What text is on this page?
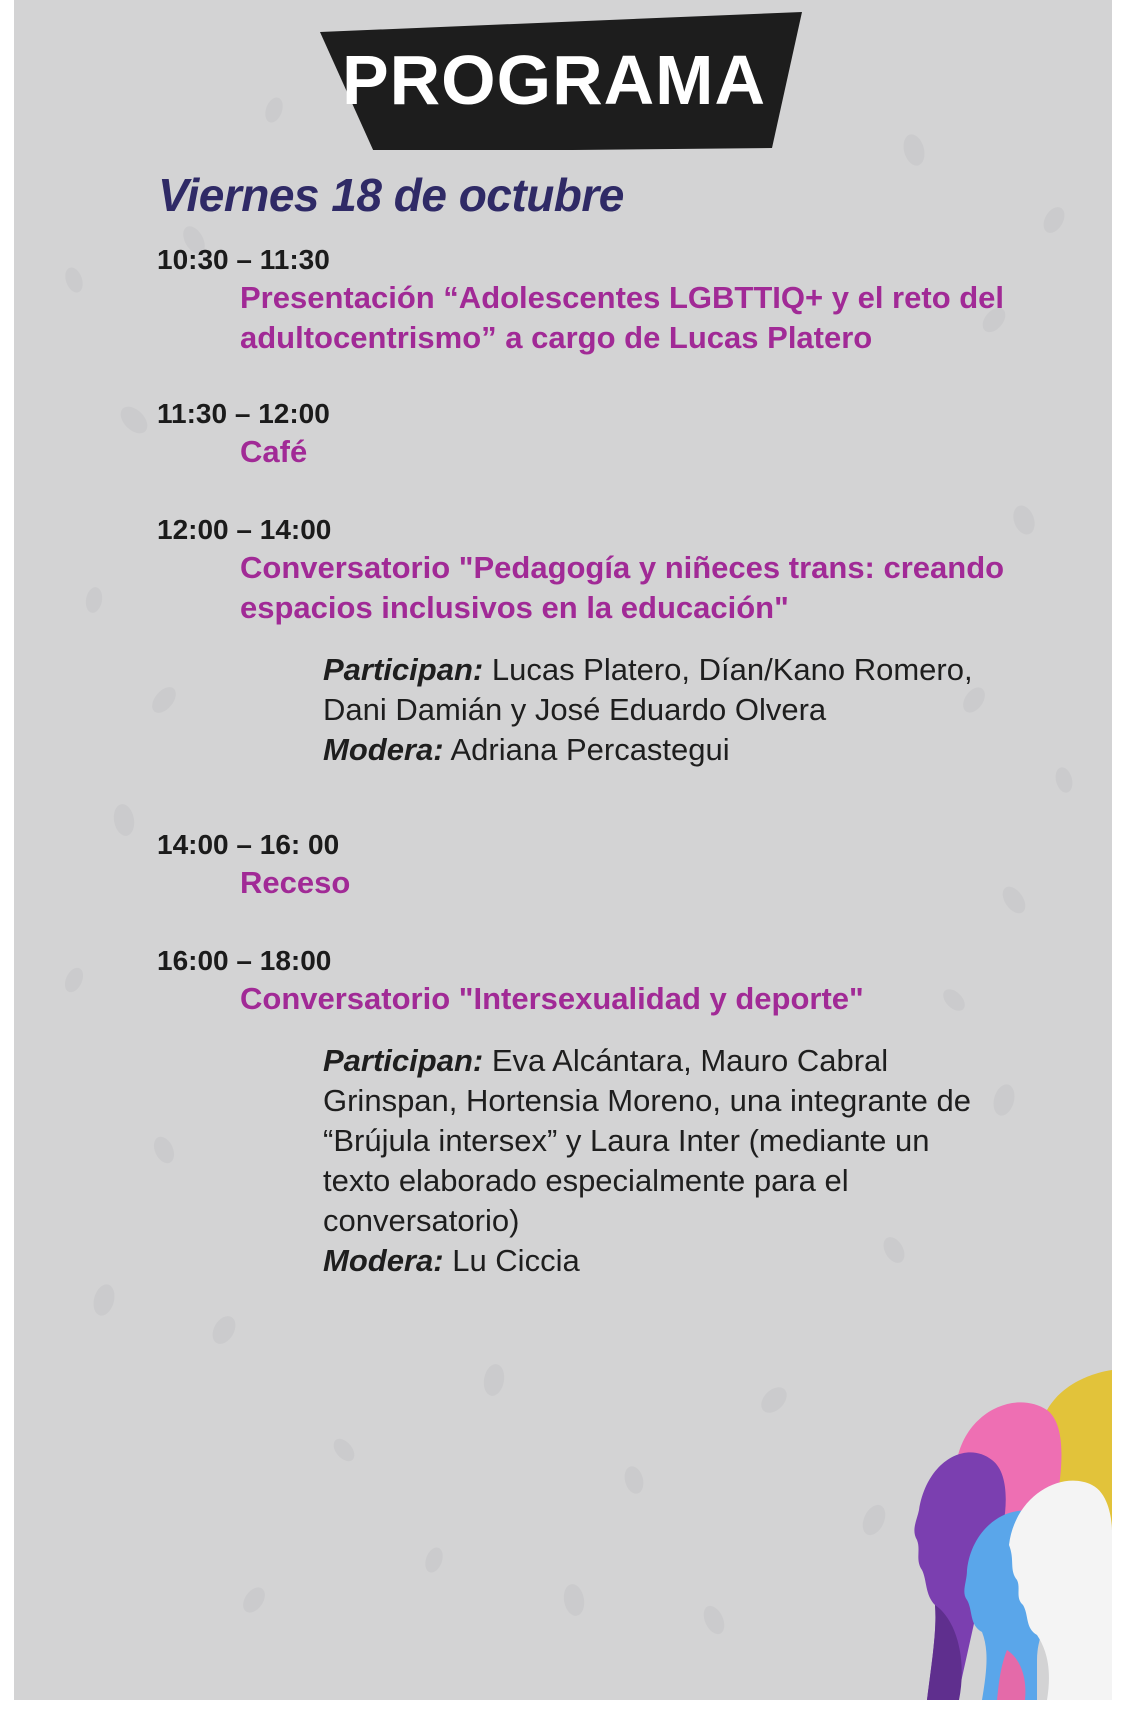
PROGRAMA
Viernes 18 de octubre
10:30 – 11:30
Presentación “Adolescentes LGBTTIQ+ y el reto del adultocentrismo” a cargo de Lucas Platero
11:30 – 12:00
Café
12:00 – 14:00
Conversatorio "Pedagogía y niñeces trans: creando espacios inclusivos en la educación"
Participan: Lucas Platero, Dían/Kano Romero, Dani Damián y José Eduardo Olvera
Modera: Adriana Percastegui
14:00 – 16: 00
Receso
16:00 – 18:00
Conversatorio "Intersexualidad y deporte"
Participan: Eva Alcántara, Mauro Cabral Grinspan, Hortensia Moreno, una integrante de “Brújula intersex” y Laura Inter (mediante un texto elaborado especialmente para el conversatorio)
Modera: Lu Ciccia
